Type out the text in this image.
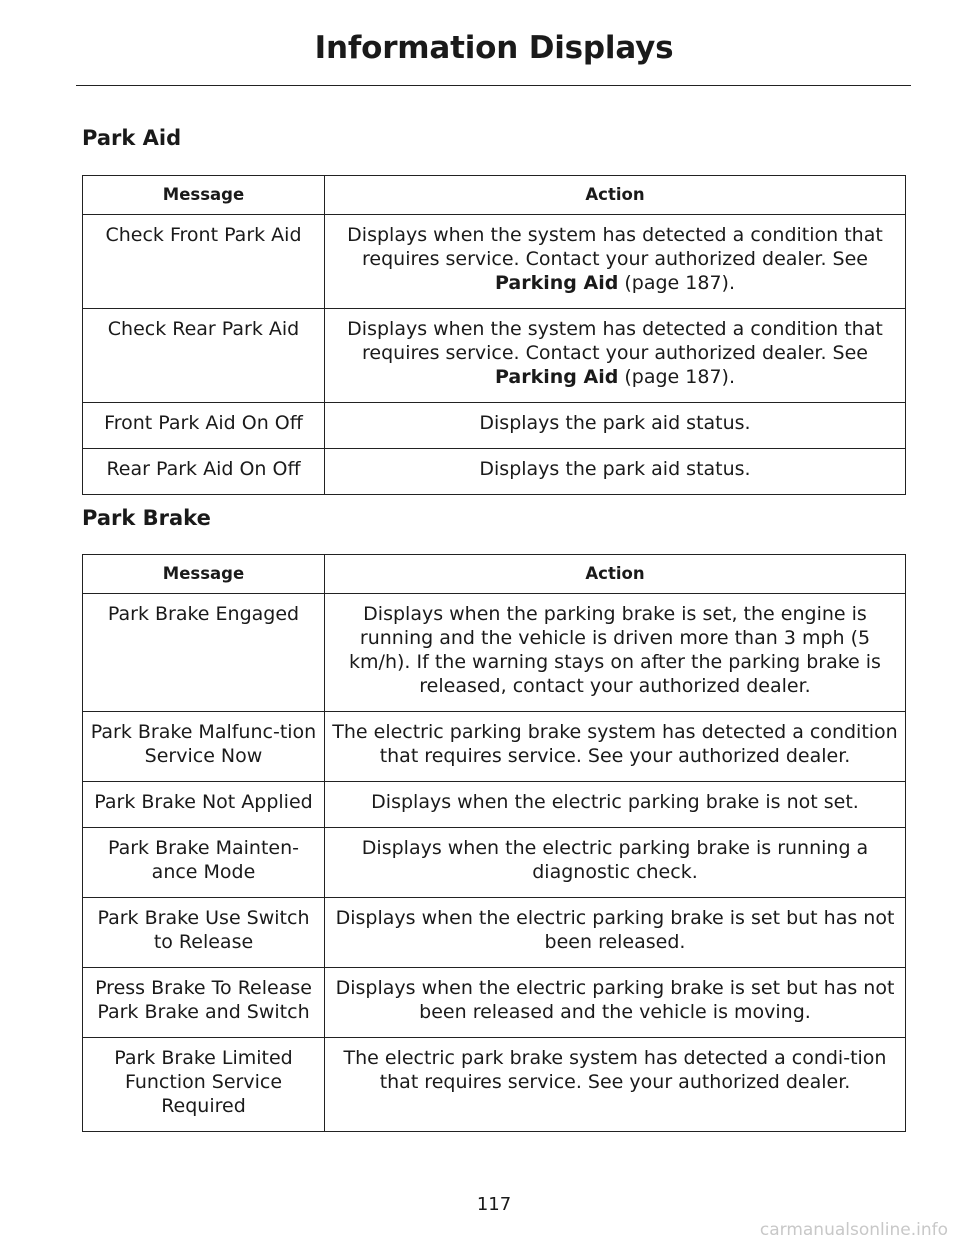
Information Displays
Park Aid
Message	Action
Check Front Park Aid	Displays when the system has detected a condition that requires service. Contact your authorized dealer. See Parking Aid (page 187).
Check Rear Park Aid	Displays when the system has detected a condition that requires service. Contact your authorized dealer. See Parking Aid (page 187).
Front Park Aid On Off	Displays the park aid status.
Rear Park Aid On Off	Displays the park aid status.
Park Brake
Message	Action
Park Brake Engaged	Displays when the parking brake is set, the engine is running and the vehicle is driven more than 3 mph (5 km/h). If the warning stays on after the parking brake is released, contact your authorized dealer.
Park Brake Malfunc-tion Service Now	The electric parking brake system has detected a condition that requires service. See your authorized dealer.
Park Brake Not Applied	Displays when the electric parking brake is not set.
Park Brake Mainten-ance Mode	Displays when the electric parking brake is running a diagnostic check.
Park Brake Use Switch to Release	Displays when the electric parking brake is set but has not been released.
Press Brake To Release Park Brake and Switch	Displays when the electric parking brake is set but has not been released and the vehicle is moving.
Park Brake Limited Function Service Required	The electric park brake system has detected a condi-tion that requires service. See your authorized dealer.
117
carmanualsonline.info
